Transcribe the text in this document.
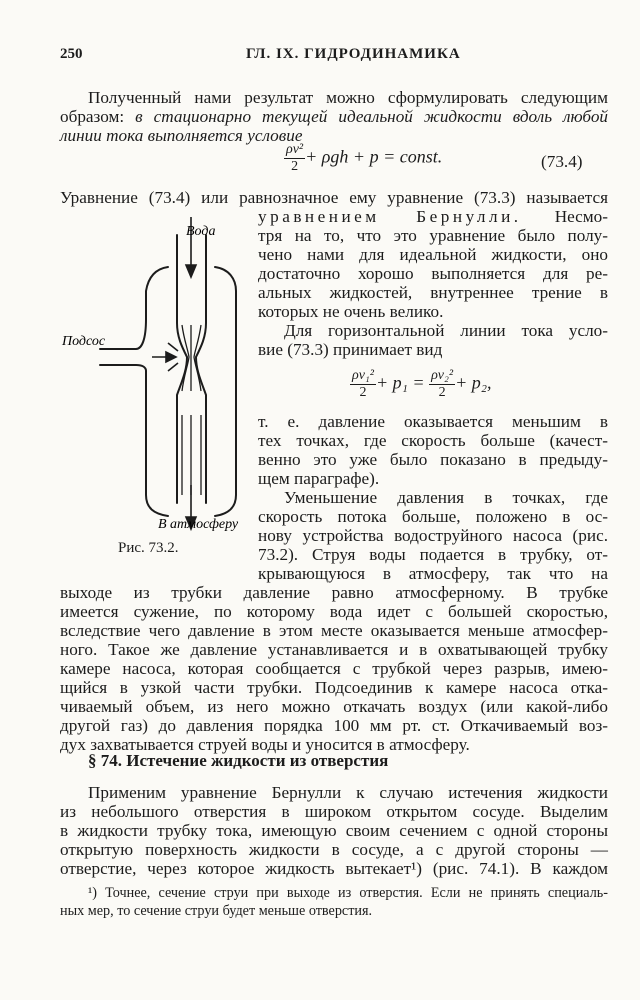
250	ГЛ. IX. ГИДРОДИНАМИКА
Полученный нами результат можно сформулировать следующим
образом: в стационарно текущей идеальной жидкости вдоль любой
линии тока выполняется условие
$\frac{\text{ρv²}}{2} + \rho gh + p$ = const.	(73.4)
Уравнение (73.4) или равнозначное ему уравнение (73.3) называется
уравнением Бернулли. Несмо-
тря на то, что это уравнение было полу-
чено нами для идеальной жидкости, оно
достаточно хорошо выполняется для ре-
альных жидкостей, внутреннее трение в
которых не очень велико.
Для горизонтальной линии тока усло-
вие (73.3) принимает вид
$\frac{\text{ρv₁²}}{2} + p_1 = \frac{\text{ρv₂²}}{2} + p_2$,
т. е. давление оказывается меньшим в
тех точках, где скорость больше (качест-
венно это уже было показано в предыду-
щем параграфе).
Уменьшение давления в точках, где
скорость потока больше, положено в ос-
нову устройства водоструйного насоса (рис.
73.2). Струя воды подается в трубку, от-
крывающуюся в атмосферу, так что на
выходе из трубки давление равно атмосферному. В трубке
имеется сужение, по которому вода идет с большей скоростью,
вследствие чего давление в этом месте оказывается меньше атмосфер-
ного. Такое же давление устанавливается и в охватывающей трубку
камере насоса, которая сообщается с трубкой через разрыв, имею-
щийся в узкой части трубки. Подсоединив к камере насоса отка-
чиваемый объем, из него можно откачать воздух (или какой-либо
другой газ) до давления порядка 100 мм рт. ст. Откачиваемый воз-
дух захватывается струей воды и уносится в атмосферу.
Вода
Подсос
В атмосферу
Рис. 73.2.
§ 74. Истечение жидкости из отверстия
Применим уравнение Бернулли к случаю истечения жидкости
из небольшого отверстия в широком открытом сосуде. Выделим
в жидкости трубку тока, имеющую своим сечением с одной стороны
открытую поверхность жидкости в сосуде, а с другой стороны —
отверстие, через которое жидкость вытекает¹) (рис. 74.1). В каждом
¹) Точнее, сечение струи при выходе из отверстия. Если не принять специаль-
ных мер, то сечение струи будет меньше отверстия.
